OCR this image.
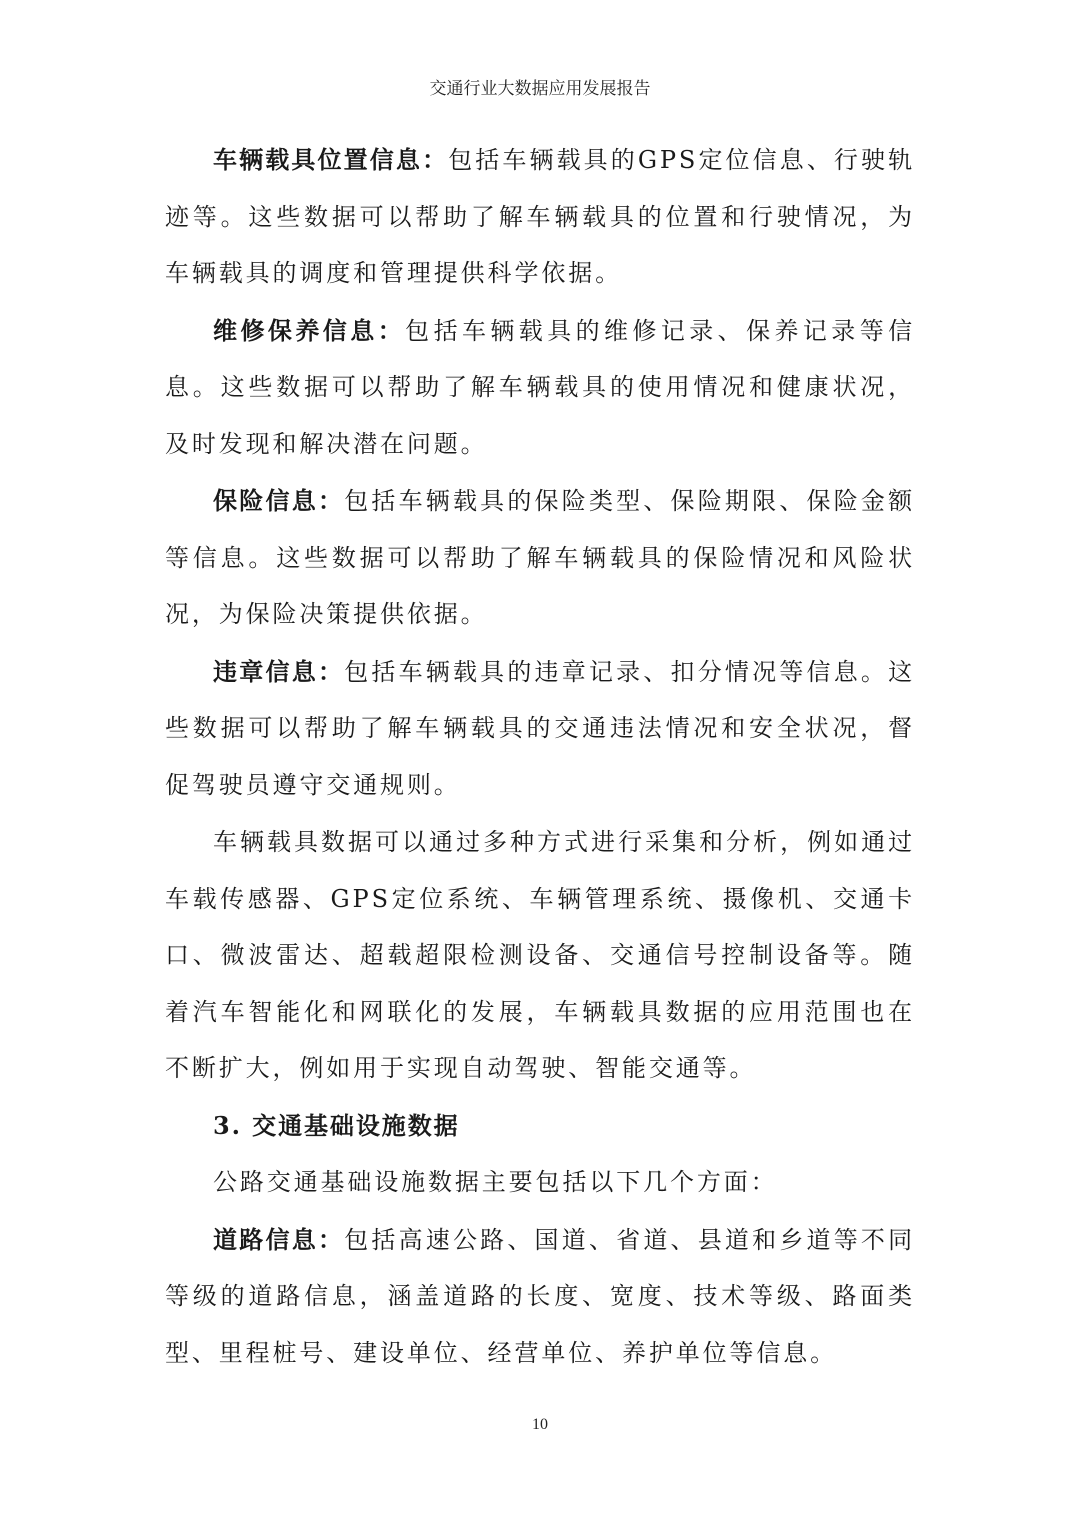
交通行业大数据应用发展报告

车辆载具位置信息：包括车辆载具的GPS定位信息、行驶轨迹等。这些数据可以帮助了解车辆载具的位置和行驶情况，为车辆载具的调度和管理提供科学依据。

维修保养信息：包括车辆载具的维修记录、保养记录等信息。这些数据可以帮助了解车辆载具的使用情况和健康状况，及时发现和解决潜在问题。

保险信息：包括车辆载具的保险类型、保险期限、保险金额等信息。这些数据可以帮助了解车辆载具的保险情况和风险状况，为保险决策提供依据。

违章信息：包括车辆载具的违章记录、扣分情况等信息。这些数据可以帮助了解车辆载具的交通违法情况和安全状况，督促驾驶员遵守交通规则。

车辆载具数据可以通过多种方式进行采集和分析，例如通过车载传感器、GPS定位系统、车辆管理系统、摄像机、交通卡口、微波雷达、超载超限检测设备、交通信号控制设备等。随着汽车智能化和网联化的发展，车辆载具数据的应用范围也在不断扩大，例如用于实现自动驾驶、智能交通等。

3. 交通基础设施数据

公路交通基础设施数据主要包括以下几个方面：

道路信息：包括高速公路、国道、省道、县道和乡道等不同等级的道路信息，涵盖道路的长度、宽度、技术等级、路面类型、里程桩号、建设单位、经营单位、养护单位等信息。

10
